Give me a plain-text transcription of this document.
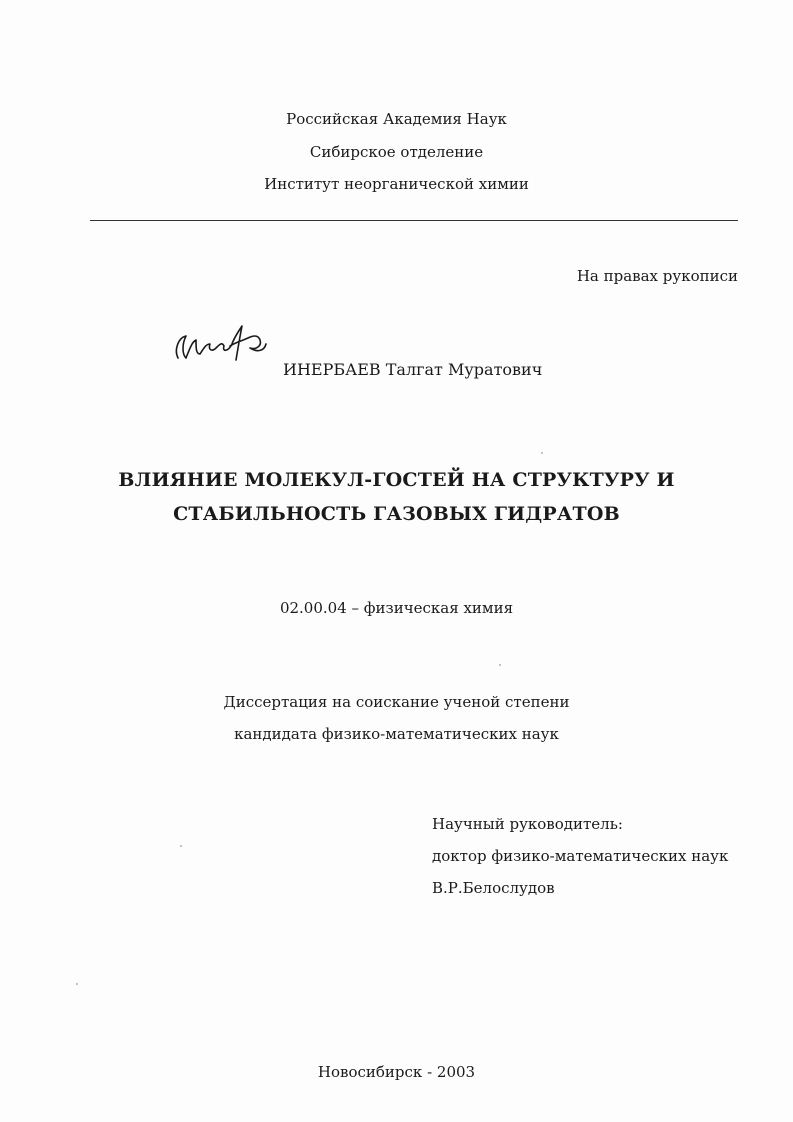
Российская Академия Наук
Сибирское отделение
Институт неорганической химии
На правах рукописи
ИНЕРБАЕВ Талгат Муратович
ВЛИЯНИЕ МОЛЕКУЛ-ГОСТЕЙ НА СТРУКТУРУ И
СТАБИЛЬНОСТЬ ГАЗОВЫХ ГИДРАТОВ
02.00.04 – физическая химия
Диссертация на соискание ученой степени
кандидата физико-математических наук
Научный руководитель:
доктор физико-математических наук
В.Р.Белослудов
Новосибирск - 2003
